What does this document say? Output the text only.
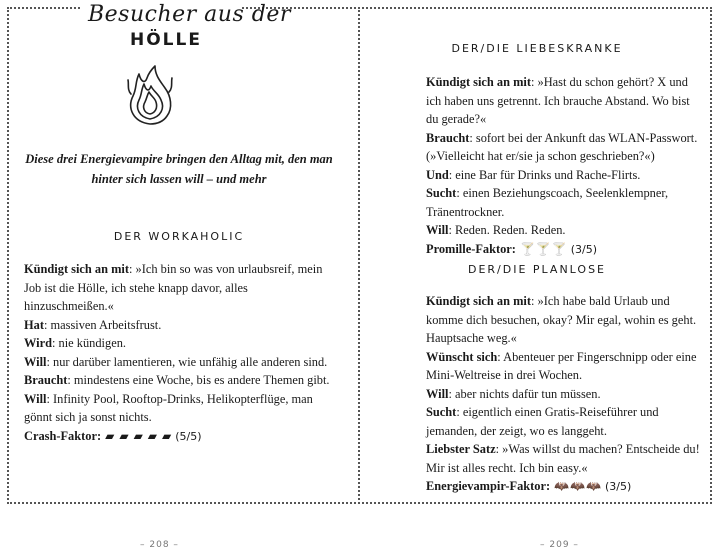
Besucher aus der
HÖLLE

Diese drei Energievampire bringen den Alltag mit, den man hinter sich lassen will – und mehr

DER WORKAHOLIC
Kündigt sich an mit: »Ich bin so was von urlaubsreif, mein Job ist die Hölle, ich stehe knapp davor, alles hinzuschmeißen.«
Hat: massiven Arbeitsfrust.
Wird: nie kündigen.
Will: nur darüber lamentieren, wie unfähig alle anderen sind.
Braucht: mindestens eine Woche, bis es andere Themen gibt.
Will: Infinity Pool, Rooftop-Drinks, Helikopterflüge, man gönnt sich ja sonst nichts.
Crash-Faktor: ▰ ▰ ▰ ▰ ▰ (5/5)
– 208 –
DER/DIE LIEBESKRANKE
Kündigt sich an mit: »Hast du schon gehört? X und ich haben uns getrennt. Ich brauche Abstand. Wo bist du gerade?«
Braucht: sofort bei der Ankunft das WLAN-Passwort. (»Vielleicht hat er/sie ja schon geschrieben?«)
Und: eine Bar für Drinks und Rache-Flirts.
Sucht: einen Beziehungscoach, Seelenklempner, Tränentrockner.
Will: Reden. Reden. Reden.
Promille-Faktor: 🍸🍸🍸 (3/5)
DER/DIE PLANLOSE
Kündigt sich an mit: »Ich habe bald Urlaub und komme dich besuchen, okay? Mir egal, wohin es geht. Hauptsache weg.«
Wünscht sich: Abenteuer per Fingerschnipp oder eine Mini-Weltreise in drei Wochen.
Will: aber nichts dafür tun müssen.
Sucht: eigentlich einen Gratis-Reiseführer und jemanden, der zeigt, wo es langgeht.
Liebster Satz: »Was willst du machen? Entscheide du! Mir ist alles recht. Ich bin easy.«
Energievampir-Faktor: 🦇🦇🦇 (3/5)
– 209 –
